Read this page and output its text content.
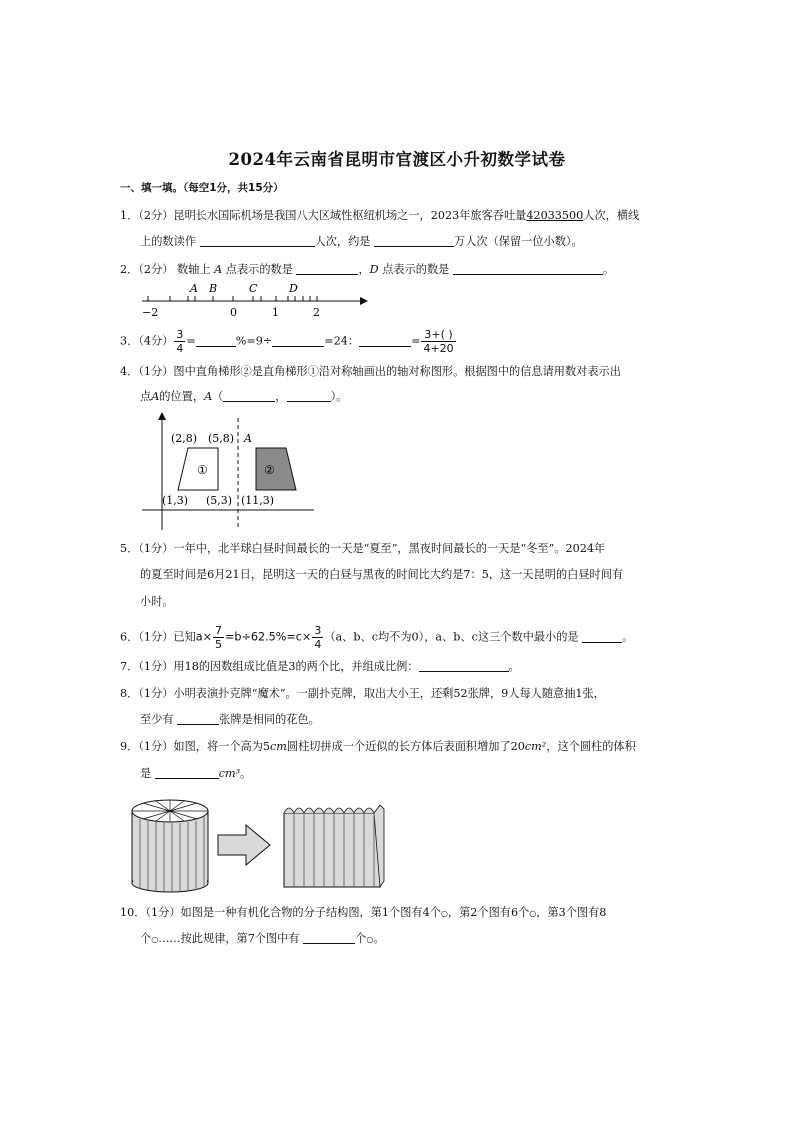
2024年云南省昆明市官渡区小升初数学试卷
一、填一填。（每空1分，共15分）
1．（2分）昆明长水国际机场是我国八大区域性枢纽机场之一，2023年旅客吞吐量42033500人次，横线
上的数读作	人次，约是	万人次（保留一位小数）。
2．（2分） 数轴上 A 点表示的数是	，D 点表示的数是	。
A B	C	D
−2	0	1	2
3．（4分） $\frac{3}{4}$ =	%=9÷	=24：	= $\frac{3+( )}{4+20}$
4．（1分）图中直角梯形②是直角梯形①沿对称轴画出的轴对称图形。根据图中的信息请用数对表示出
点A的位置，A（	，	）。
(2,8) (5,8) A
(1,3) (5,3) (11,3)
①	②
5．（1分）一年中，北半球白昼时间最长的一天是“夏至”，黑夜时间最长的一天是“冬至”。2024年
的夏至时间是6月21日，昆明这一天的白昼与黑夜的时间比大约是7：5，这一天昆明的白昼时间有
小时。
6．（1分）已知$a\times \frac{7}{5} =b\div 62.5\%=c\times \frac{3}{4} (a$、b、c均不为0），a、b、c这三个数中最小的是	。
7．（1分）用18的因数组成比值是3的两个比，并组成比例：	。
8．（1分）小明表演扑克牌“魔术”。一副扑克牌，取出大小王，还剩52张牌，9人每人随意抽1张，
至少有	张牌是相同的花色。
9．（1分）如图，将一个高为5cm圆柱切拼成一个近似的长方体后表面积增加了20cm²，这个圆柱的体积
是	cm³。
10．（1分）如图是一种有机化合物的分子结构图，第1个图有4个○，第2个图有6个○，第3个图有8
个○……按此规律，第7个图中有	个○。
